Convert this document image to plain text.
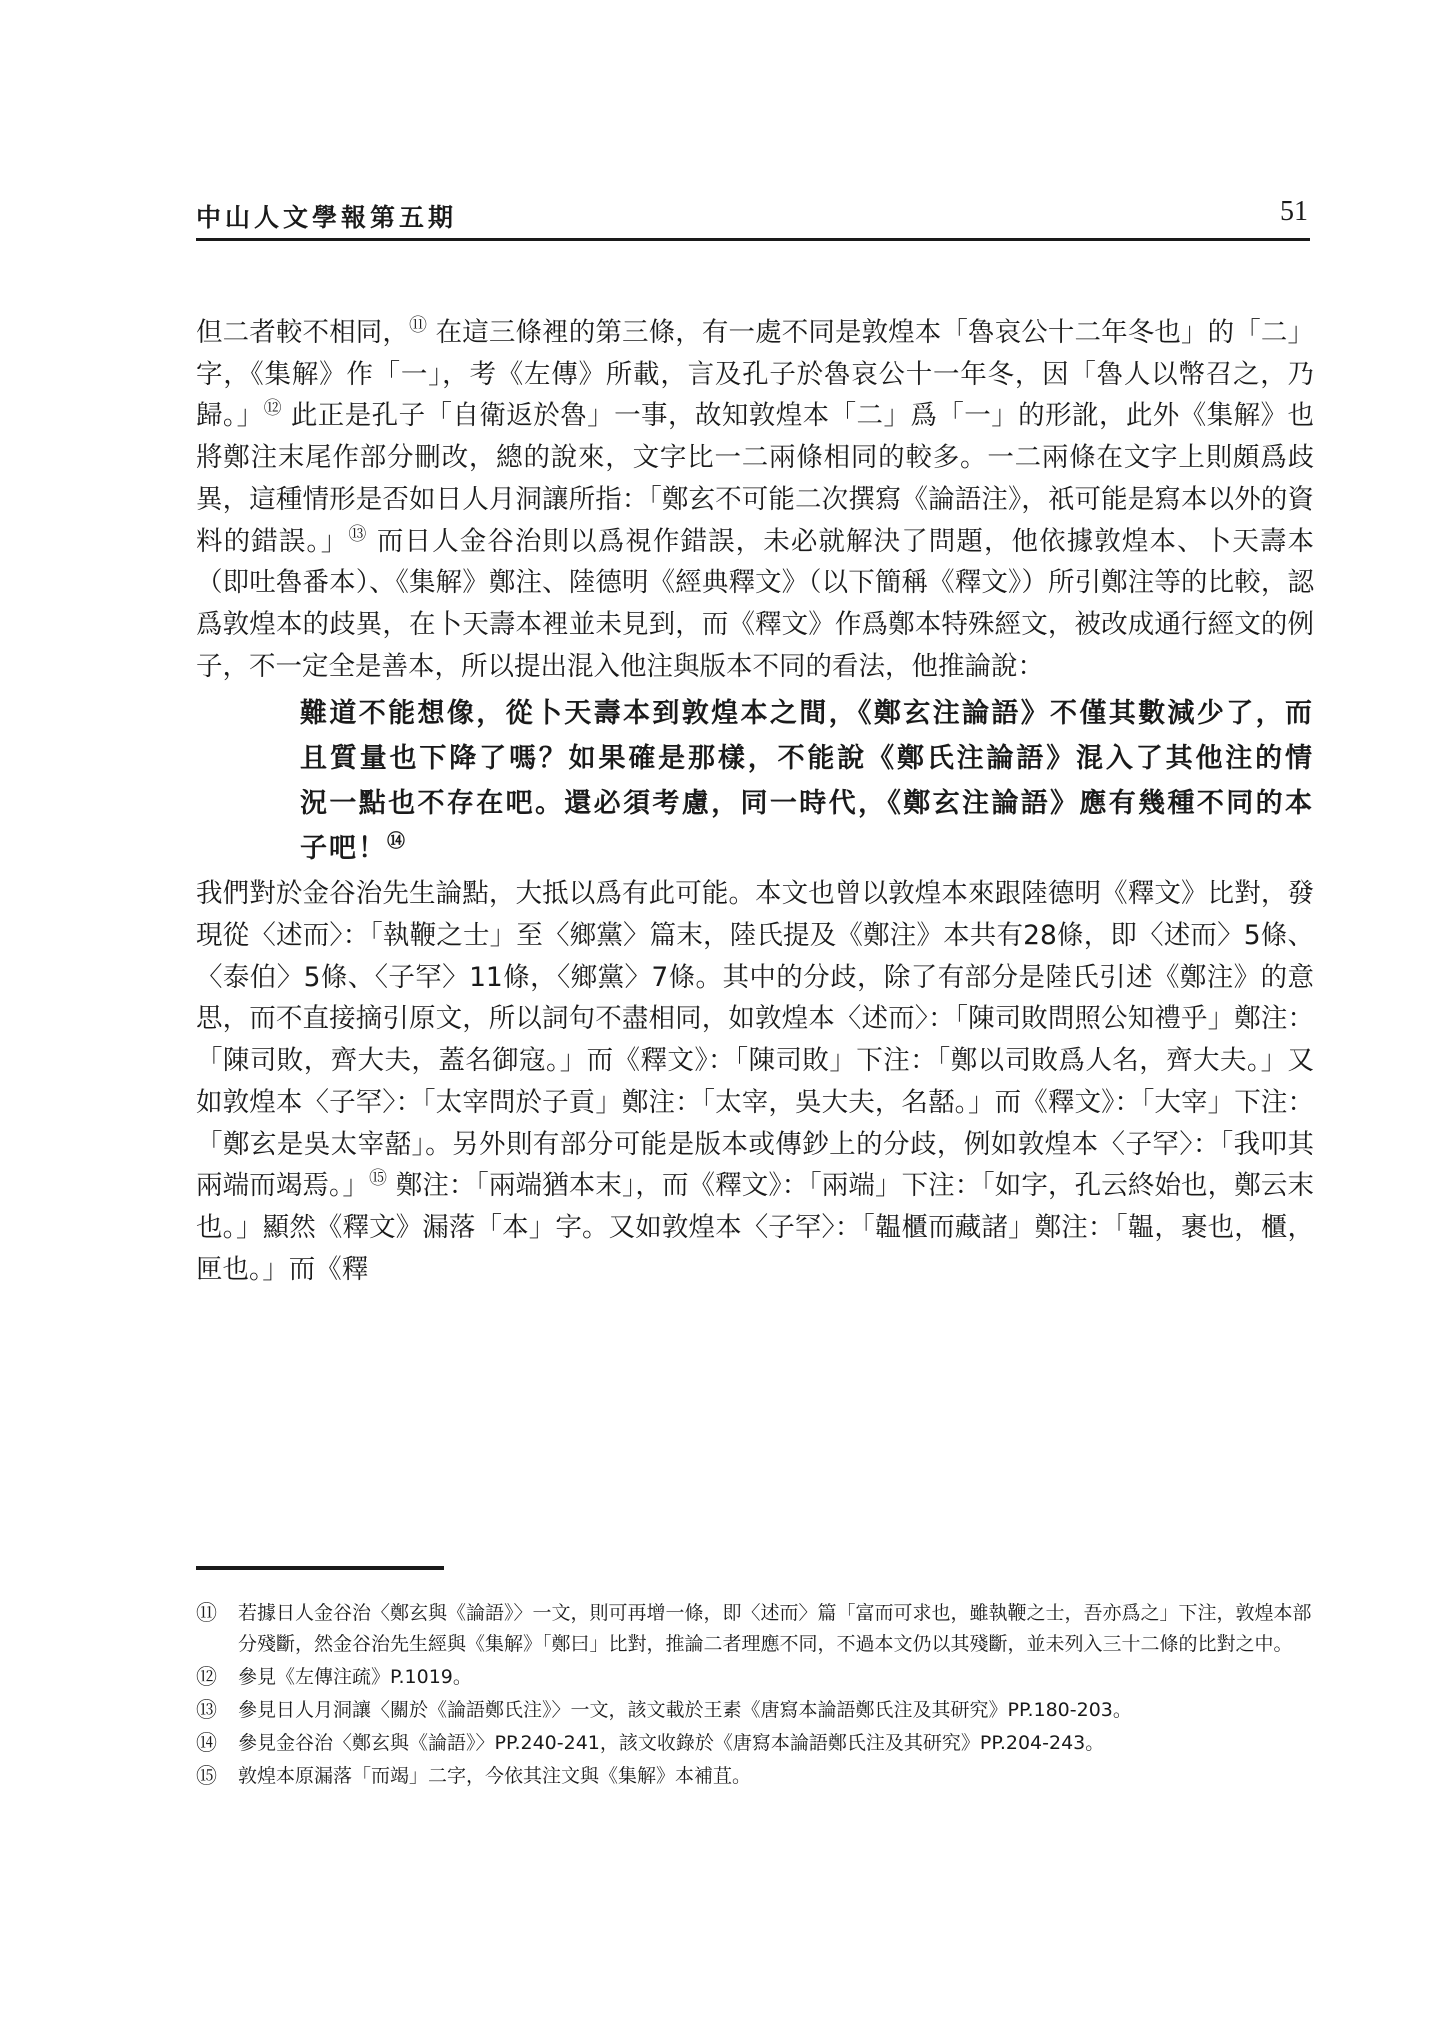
中山人文學報第五期	51

但二者較不相同，⑪ 在這三條裡的第三條，有一處不同是敦煌本「魯哀公十二年冬也」的「二」字，《集解》作「一」，考《左傳》所載，言及孔子於魯哀公十一年冬，因「魯人以幣召之，乃歸。」⑫ 此正是孔子「自衛返於魯」一事，故知敦煌本「二」爲「一」的形訛，此外《集解》也將鄭注末尾作部分刪改，總的說來，文字比一二兩條相同的較多。一二兩條在文字上則頗爲歧異，這種情形是否如日人月洞讓所指：「鄭玄不可能二次撰寫《論語注》，祇可能是寫本以外的資料的錯誤。」⑬ 而日人金谷治則以爲視作錯誤，未必就解決了問題，他依據敦煌本、卜天壽本（即吐魯番本）、《集解》鄭注、陸德明《經典釋文》（以下簡稱《釋文》）所引鄭注等的比較，認爲敦煌本的歧異，在卜天壽本裡並未見到，而《釋文》作爲鄭本特殊經文，被改成通行經文的例子，不一定全是善本，所以提出混入他注與版本不同的看法，他推論說：

難道不能想像，從卜天壽本到敦煌本之間，《鄭玄注論語》不僅其數減少了，而且質量也下降了嗎？如果確是那樣，不能說《鄭氏注論語》混入了其他注的情況一點也不存在吧。還必須考慮，同一時代，《鄭玄注論語》應有幾種不同的本子吧！⑭

我們對於金谷治先生論點，大抵以爲有此可能。本文也曾以敦煌本來跟陸德明《釋文》比對，發現從〈述而〉：「執鞭之士」至〈鄉黨〉篇末，陸氏提及《鄭注》本共有28條，即〈述而〉5條、〈泰伯〉5條、〈子罕〉11條，〈鄉黨〉7條。其中的分歧，除了有部分是陸氏引述《鄭注》的意思，而不直接摘引原文，所以詞句不盡相同，如敦煌本〈述而〉：「陳司敗問照公知禮乎」鄭注：「陳司敗，齊大夫，蓋名御寇。」而《釋文》：「陳司敗」下注：「鄭以司敗爲人名，齊大夫。」又如敦煌本〈子罕〉：「太宰問於子貢」鄭注：「太宰，吳大夫，名嚭。」而《釋文》：「大宰」下注：「鄭玄是吳太宰嚭」。另外則有部分可能是版本或傳鈔上的分歧，例如敦煌本〈子罕〉：「我叩其兩端而竭焉。」⑮ 鄭注：「兩端猶本末」，而《釋文》：「兩端」下注：「如字，孔云終始也，鄭云末也。」顯然《釋文》漏落「本」字。又如敦煌本〈子罕〉：「韞櫃而藏諸」鄭注：「韞，裹也，櫃，匣也。」而《釋

⑪ 若據日人金谷治〈鄭玄與《論語》〉一文，則可再增一條，即〈述而〉篇「富而可求也，雖執鞭之士，吾亦爲之」下注，敦煌本部分殘斷，然金谷治先生經與《集解》「鄭曰」比對，推論二者理應不同，不過本文仍以其殘斷，並未列入三十二條的比對之中。
⑫ 參見《左傳注疏》P.1019。
⑬ 參見日人月洞讓〈關於《論語鄭氏注》〉一文，該文載於王素《唐寫本論語鄭氏注及其研究》PP.180-203。
⑭ 參見金谷治〈鄭玄與《論語》〉PP.240-241，該文收錄於《唐寫本論語鄭氏注及其研究》PP.204-243。
⑮ 敦煌本原漏落「而竭」二字，今依其注文與《集解》本補苴。
